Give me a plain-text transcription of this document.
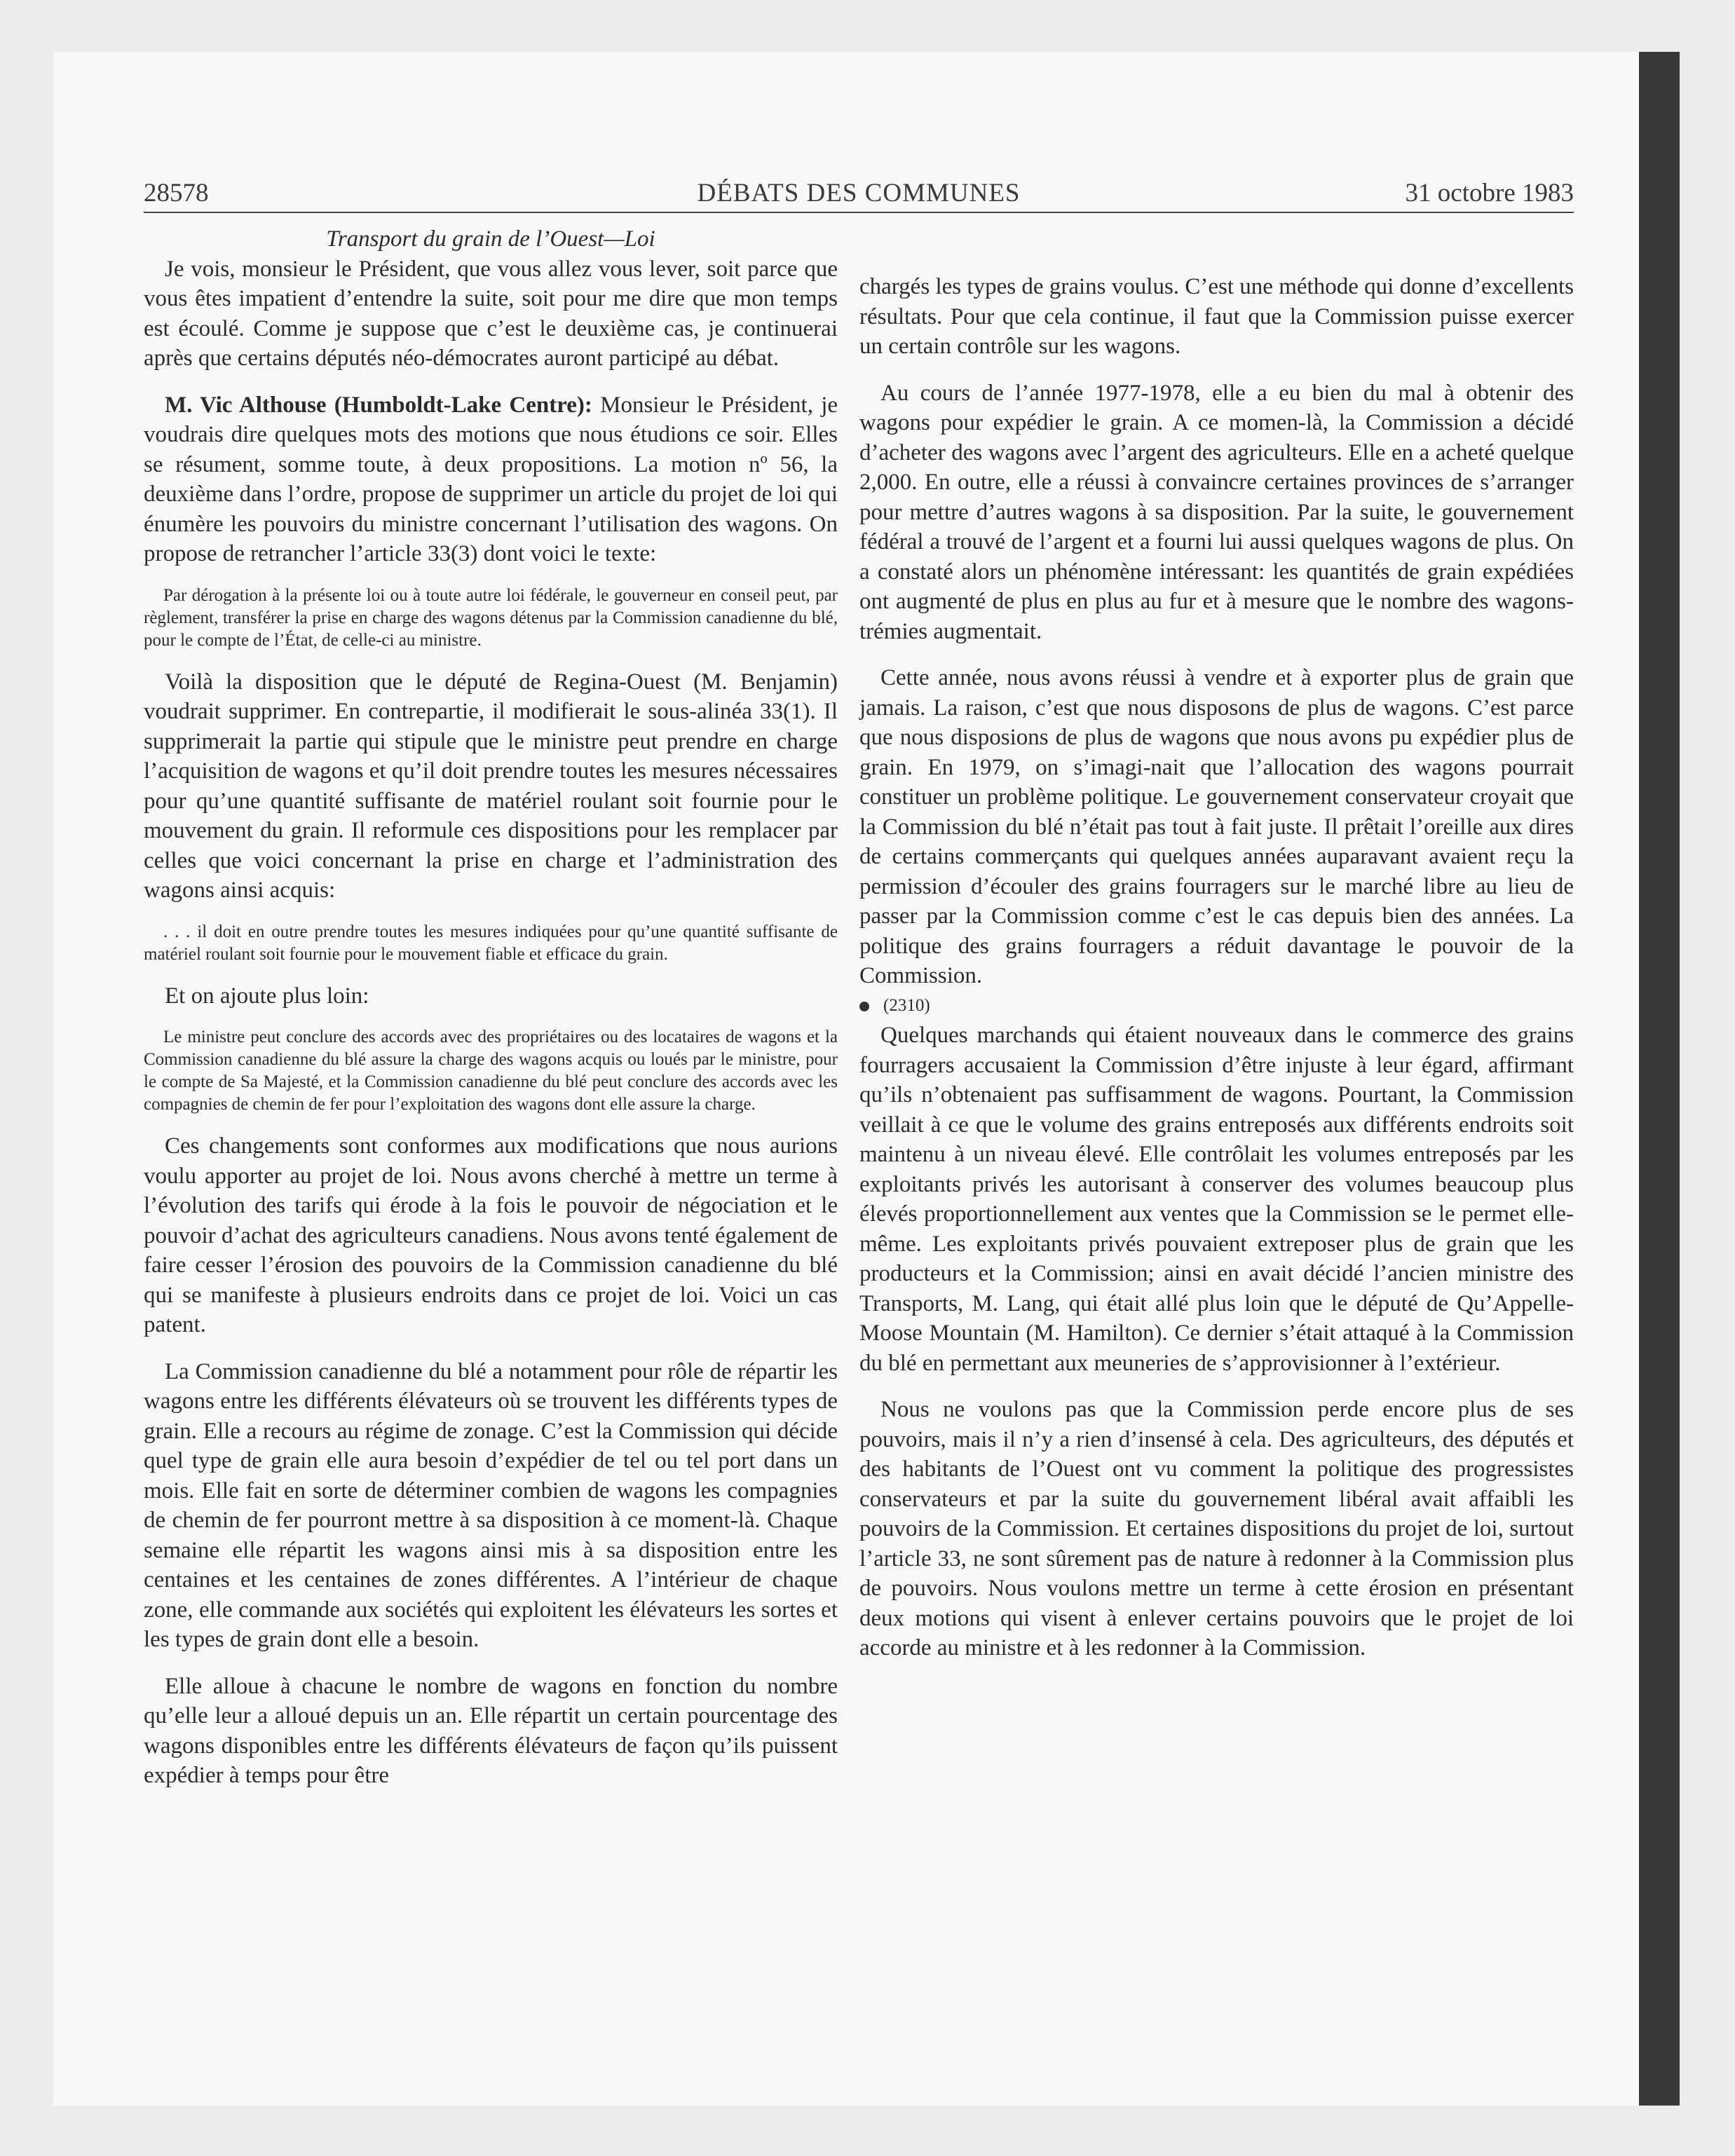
28578	DÉBATS DES COMMUNES	31 octobre 1983

Transport du grain de l’Ouest—Loi

Je vois, monsieur le Président, que vous allez vous lever, soit parce que vous êtes impatient d’entendre la suite, soit pour me dire que mon temps est écoulé. Comme je suppose que c’est le deuxième cas, je continuerai après que certains députés néo-démocrates auront participé au débat.

M. Vic Althouse (Humboldt-Lake Centre): Monsieur le Président, je voudrais dire quelques mots des motions que nous étudions ce soir. Elles se résument, somme toute, à deux propositions. La motion nº 56, la deuxième dans l’ordre, propose de supprimer un article du projet de loi qui énumère les pouvoirs du ministre concernant l’utilisation des wagons. On propose de retrancher l’article 33(3) dont voici le texte:

Par dérogation à la présente loi ou à toute autre loi fédérale, le gouverneur en conseil peut, par règlement, transférer la prise en charge des wagons détenus par la Commission canadienne du blé, pour le compte de l’État, de celle-ci au ministre.

Voilà la disposition que le député de Regina-Ouest (M. Benjamin) voudrait supprimer. En contrepartie, il modifierait le sous-alinéa 33(1). Il supprimerait la partie qui stipule que le ministre peut prendre en charge l’acquisition de wagons et qu’il doit prendre toutes les mesures nécessaires pour qu’une quantité suffisante de matériel roulant soit fournie pour le mouvement du grain. Il reformule ces dispositions pour les remplacer par celles que voici concernant la prise en charge et l’administration des wagons ainsi acquis:

. . . il doit en outre prendre toutes les mesures indiquées pour qu’une quantité suffisante de matériel roulant soit fournie pour le mouvement fiable et efficace du grain.

Et on ajoute plus loin:

Le ministre peut conclure des accords avec des propriétaires ou des locataires de wagons et la Commission canadienne du blé assure la charge des wagons acquis ou loués par le ministre, pour le compte de Sa Majesté, et la Commission canadienne du blé peut conclure des accords avec les compagnies de chemin de fer pour l’exploitation des wagons dont elle assure la charge.

Ces changements sont conformes aux modifications que nous aurions voulu apporter au projet de loi. Nous avons cherché à mettre un terme à l’évolution des tarifs qui érode à la fois le pouvoir de négociation et le pouvoir d’achat des agriculteurs canadiens. Nous avons tenté également de faire cesser l’érosion des pouvoirs de la Commission canadienne du blé qui se manifeste à plusieurs endroits dans ce projet de loi. Voici un cas patent.

La Commission canadienne du blé a notamment pour rôle de répartir les wagons entre les différents élévateurs où se trouvent les différents types de grain. Elle a recours au régime de zonage. C’est la Commission qui décide quel type de grain elle aura besoin d’expédier de tel ou tel port dans un mois. Elle fait en sorte de déterminer combien de wagons les compagnies de chemin de fer pourront mettre à sa disposition à ce moment-là. Chaque semaine elle répartit les wagons ainsi mis à sa disposition entre les centaines et les centaines de zones différentes. A l’intérieur de chaque zone, elle commande aux sociétés qui exploitent les élévateurs les sortes et les types de grain dont elle a besoin.

Elle alloue à chacune le nombre de wagons en fonction du nombre qu’elle leur a alloué depuis un an. Elle répartit un certain pourcentage des wagons disponibles entre les différents élévateurs de façon qu’ils puissent expédier à temps pour être

chargés les types de grains voulus. C’est une méthode qui donne d’excellents résultats. Pour que cela continue, il faut que la Commission puisse exercer un certain contrôle sur les wagons.

Au cours de l’année 1977-1978, elle a eu bien du mal à obtenir des wagons pour expédier le grain. A ce momen-là, la Commission a décidé d’acheter des wagons avec l’argent des agriculteurs. Elle en a acheté quelque 2,000. En outre, elle a réussi à convaincre certaines provinces de s’arranger pour mettre d’autres wagons à sa disposition. Par la suite, le gouvernement fédéral a trouvé de l’argent et a fourni lui aussi quelques wagons de plus. On a constaté alors un phénomène intéressant: les quantités de grain expédiées ont augmenté de plus en plus au fur et à mesure que le nombre des wagons-trémies augmentait.

Cette année, nous avons réussi à vendre et à exporter plus de grain que jamais. La raison, c’est que nous disposons de plus de wagons. C’est parce que nous disposions de plus de wagons que nous avons pu expédier plus de grain. En 1979, on s’imagi-nait que l’allocation des wagons pourrait constituer un problème politique. Le gouvernement conservateur croyait que la Commission du blé n’était pas tout à fait juste. Il prêtait l’oreille aux dires de certains commerçants qui quelques années auparavant avaient reçu la permission d’écouler des grains fourragers sur le marché libre au lieu de passer par la Commission comme c’est le cas depuis bien des années. La politique des grains fourragers a réduit davantage le pouvoir de la Commission.

(2310)

Quelques marchands qui étaient nouveaux dans le commerce des grains fourragers accusaient la Commission d’être injuste à leur égard, affirmant qu’ils n’obtenaient pas suffisamment de wagons. Pourtant, la Commission veillait à ce que le volume des grains entreposés aux différents endroits soit maintenu à un niveau élevé. Elle contrôlait les volumes entreposés par les exploitants privés les autorisant à conserver des volumes beaucoup plus élevés proportionnellement aux ventes que la Commission se le permet elle-même. Les exploitants privés pouvaient extreposer plus de grain que les producteurs et la Commission; ainsi en avait décidé l’ancien ministre des Transports, M. Lang, qui était allé plus loin que le député de Qu’Appelle-Moose Mountain (M. Hamilton). Ce dernier s’était attaqué à la Commission du blé en permettant aux meuneries de s’approvisionner à l’extérieur.

Nous ne voulons pas que la Commission perde encore plus de ses pouvoirs, mais il n’y a rien d’insensé à cela. Des agriculteurs, des députés et des habitants de l’Ouest ont vu comment la politique des progressistes conservateurs et par la suite du gouvernement libéral avait affaibli les pouvoirs de la Commission. Et certaines dispositions du projet de loi, surtout l’article 33, ne sont sûrement pas de nature à redonner à la Commission plus de pouvoirs. Nous voulons mettre un terme à cette érosion en présentant deux motions qui visent à enlever certains pouvoirs que le projet de loi accorde au ministre et à les redonner à la Commission.
